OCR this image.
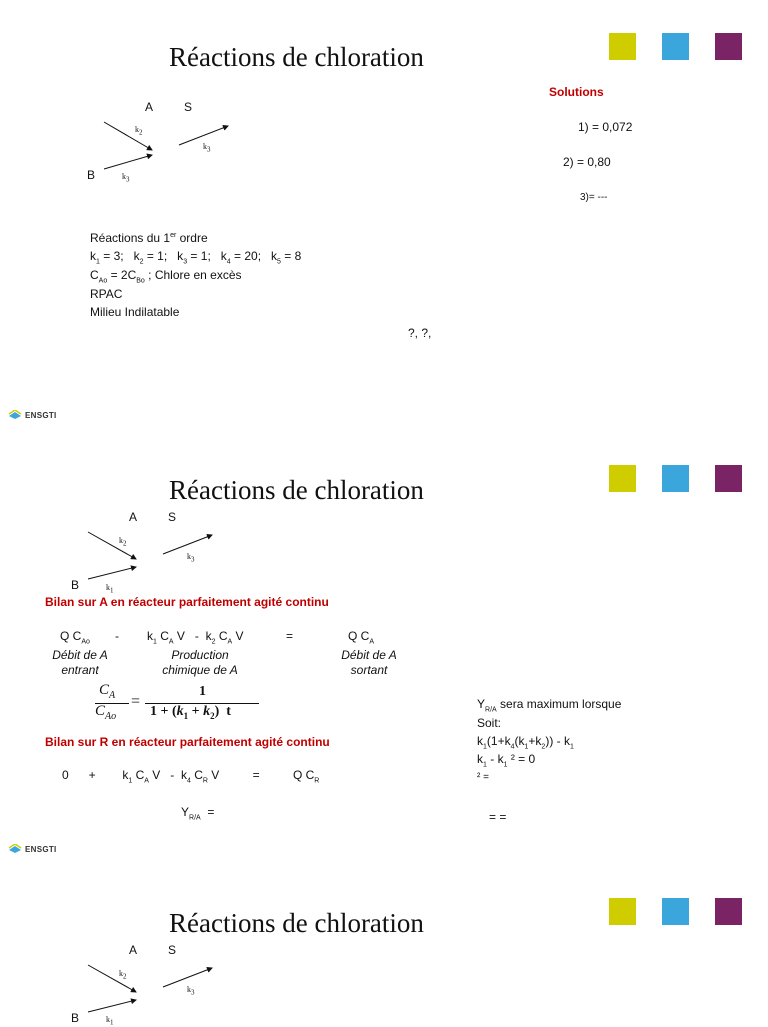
Réactions de chloration
A	S
B
$k_2$
$k_3$
$k_3$
Solutions
1) = 0,072
2) = 0,80
3)= ---
Réactions du 1er ordre
$k_1 = 3$;   $k_2 = 1$;   $k_3 = 1$;   $k_4 = 20$;   $k_5 = 8$
$C_{Ao} = 2C_{Bo}$ ; Chlore en excès
RPAC
Milieu Indilatable
?, ?,
ENSGTI
Réactions de chloration
A	S
B
$k_2$
$k_1$
$k_3$
Bilan sur A en réacteur parfaitement agité continu
Q $C_{Ao} - k_1$ $C_A$ V   -  $k_2$ $C_A$ V	=	Q $C_A$
Débit de A entrant
Production chimique de A
Débit de A sortant
$C_A$
$C_{Ao}$
=
1
$1 + (k_1 + k_2)$  t
Bilan sur R en réacteur parfaitement agité continu
0      +        $k_1$ $C_A$ V   -  $k_4$ $C_R$ V          =          Q $C_R$
$Y_{R/A}$  =
$Y_{R/A}$ sera maximum lorsque
Soit:
$k_1(1+k_4(k_1+k_2)) - k_1$
$k_1 - k_1$ ² = 0
² =
= =
ENSGTI
Réactions de chloration
A	S
B
$k_2$
$k_1$
$k_3$
